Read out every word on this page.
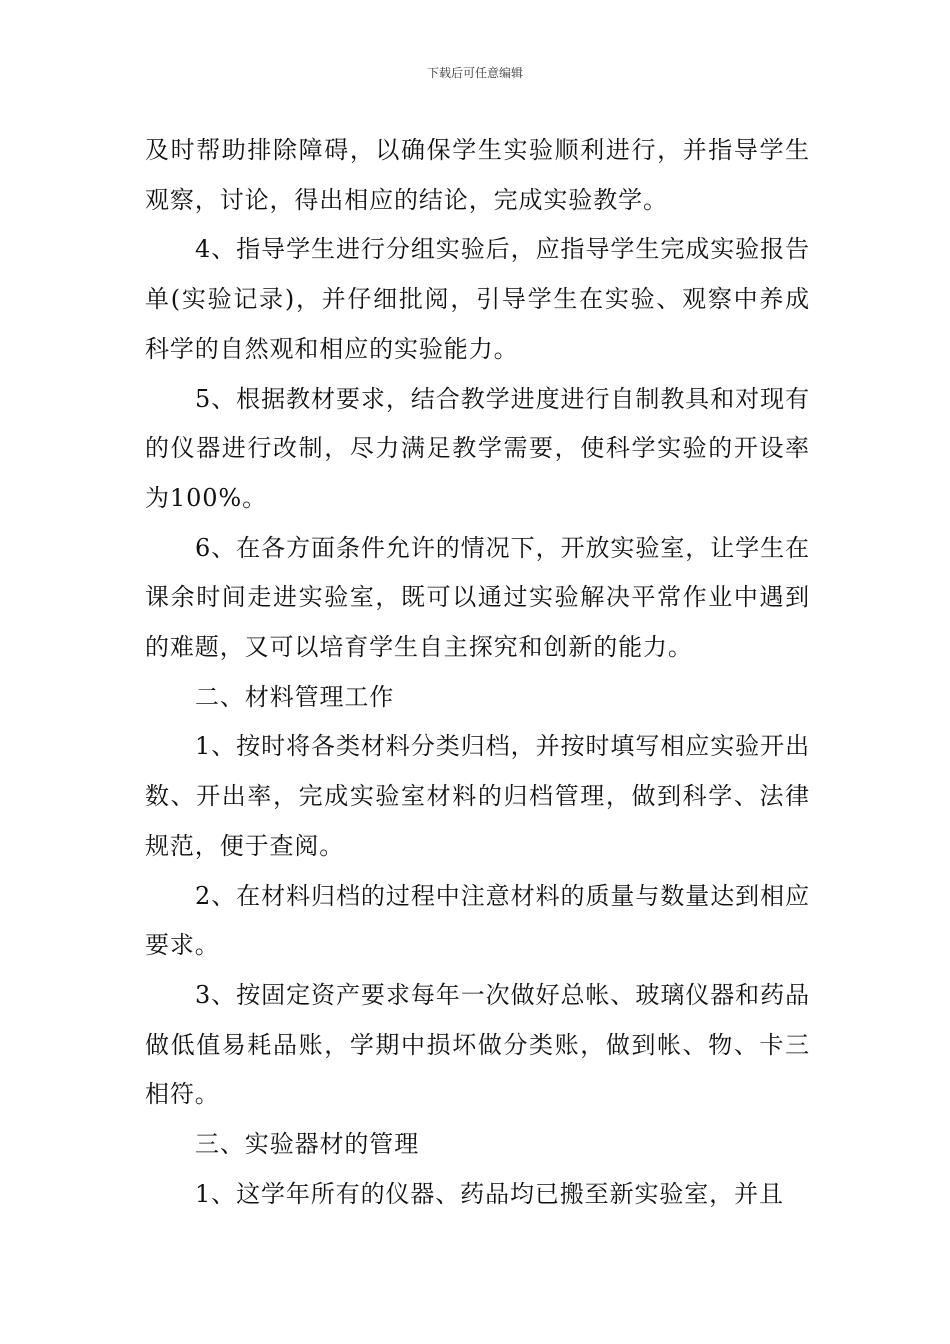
下载后可任意编辑

及时帮助排除障碍，以确保学生实验顺利进行，并指导学生观察，讨论，得出相应的结论，完成实验教学。

4、指导学生进行分组实验后，应指导学生完成实验报告单(实验记录)，并仔细批阅，引导学生在实验、观察中养成科学的自然观和相应的实验能力。

5、根据教材要求，结合教学进度进行自制教具和对现有的仪器进行改制，尽力满足教学需要，使科学实验的开设率为100%。

6、在各方面条件允许的情况下，开放实验室，让学生在课余时间走进实验室，既可以通过实验解决平常作业中遇到的难题，又可以培育学生自主探究和创新的能力。

二、材料管理工作

1、按时将各类材料分类归档，并按时填写相应实验开出数、开出率，完成实验室材料的归档管理，做到科学、法律规范，便于查阅。

2、在材料归档的过程中注意材料的质量与数量达到相应要求。

3、按固定资产要求每年一次做好总帐、玻璃仪器和药品做低值易耗品账，学期中损坏做分类账，做到帐、物、卡三相符。

三、实验器材的管理

1、这学年所有的仪器、药品均已搬至新实验室，并且
